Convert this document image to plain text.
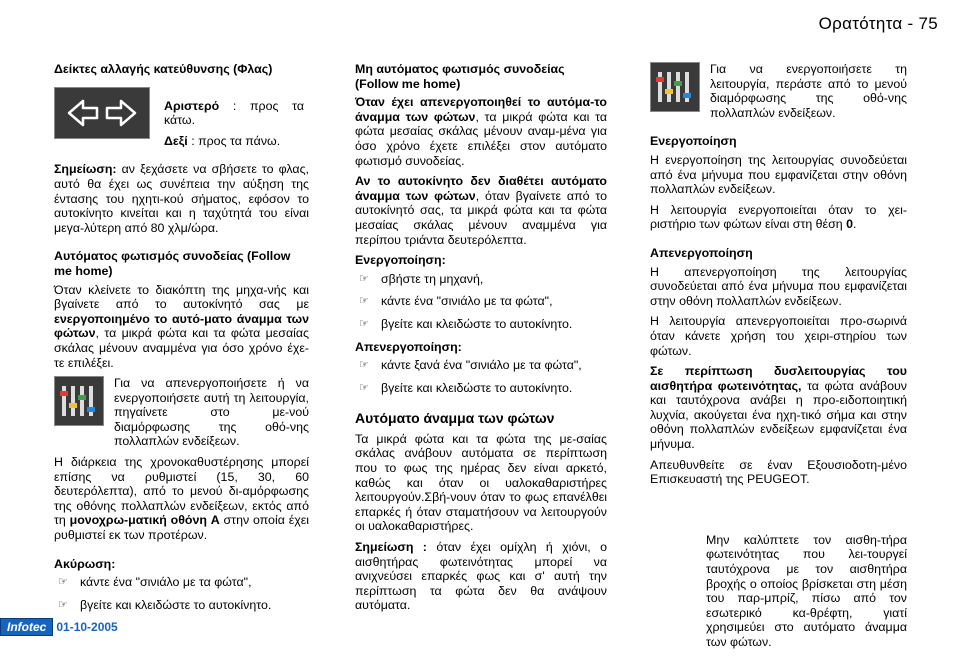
Ορατότητα - 75
Δείκτες αλλαγής κατεύθυνσης (Φλας)

Αριστερό : προς τα κάτω.

Δεξί : προς τα πάνω.

Σημείωση: αν ξεχάσετε να σβήσετε το φλας, αυτό θα έχει ως συνέπεια την αύξηση της έντασης του ηχητι-κού σήματος, εφόσον το αυτοκίνητο κινείται και η ταχύτητά του είναι μεγα-λύτερη από 80 χλμ/ώρα.

Αυτόματος φωτισμός συνοδείας (Follow me home)

Όταν κλείνετε το διακόπτη της μηχα-νής και βγαίνετε από το αυτοκίνητό σας με ενεργοποιημένο το αυτό-ματο άναμμα των φώτων, τα μικρά φώτα και τα φώτα μεσαίας σκάλας μένουν αναμμένα για όσο χρόνο έχε-τε επιλέξει.

Για να απενεργοποιήσετε ή να ενεργοποιήσετε αυτή τη λειτουργία, πηγαίνετε στο με-νού διαμόρφωσης της οθό-νης πολλαπλών ενδείξεων.

Η διάρκεια της χρονοκαθυστέρησης μπορεί επίσης να ρυθμιστεί (15, 30, 60 δευτερόλεπτα), από το μενού δι-αμόρφωσης της οθόνης πολλαπλών ενδείξεων, εκτός από τη μονοχρω-ματική οθόνη A στην οποία έχει ρυθμιστεί εκ των προτέρων.

Ακύρωση:
☞ κάντε ένα "σινιάλο με τα φώτα",
☞ βγείτε και κλειδώστε το αυτοκίνητο.
Μη αυτόματος φωτισμός συνοδείας (Follow me home)

Όταν έχει απενεργοποιηθεί το αυτόμα-το άναμμα των φώτων, τα μικρά φώτα και τα φώτα μεσαίας σκάλας μένουν αναμ-μένα για όσο χρόνο έχετε επιλέξει στον αυτόματο φωτισμό συνοδείας.

Αν το αυτοκίνητο δεν διαθέτει αυτόματο άναμμα των φώτων, όταν βγαίνετε από το αυτοκίνητό σας, τα μικρά φώτα και τα φώτα μεσαίας σκάλας μένουν αναμμένα για περίπου τριάντα δευτερόλεπτα.

Ενεργοποίηση:
☞ σβήστε τη μηχανή,
☞ κάντε ένα "σινιάλο με τα φώτα",
☞ βγείτε και κλειδώστε το αυτοκίνητο.
Απενεργοποίηση:
☞ κάντε ξανά ένα "σινιάλο με τα φώτα",
☞ βγείτε και κλειδώστε το αυτοκίνητο.
Αυτόματο άναμμα των φώτων

Τα μικρά φώτα και τα φώτα της με-σαίας σκάλας ανάβουν αυτόματα σε περίπτωση που το φως της ημέρας δεν είναι αρκετό, καθώς και όταν οι υαλοκαθαριστήρες λειτουργούν.Σβή-νουν όταν το φως επανέλθει επαρκές ή όταν σταματήσουν να λειτουργούν οι υαλοκαθαριστήρες.

Σημείωση : όταν έχει ομίχλη ή χιόνι, ο αισθητήρας φωτεινότητας μπορεί να ανιχνεύσει επαρκές φως και σ' αυτή την περίπτωση τα φώτα δεν θα ανάψουν αυτόματα.

Για να ενεργοποιήσετε τη λειτουργία, περάστε από το μενού διαμόρφωσης της οθό-νης πολλαπλών ενδείξεων.

Ενεργοποίηση

Η ενεργοποίηση της λειτουργίας συνοδεύεται από ένα μήνυμα που εμφανίζεται στην οθόνη πολλαπλών ενδείξεων.

Η λειτουργία ενεργοποιείται όταν το χει-ριστήριο των φώτων είναι στη θέση 0.

Απενεργοποίηση

Η απενεργοποίηση της λειτουργίας συνοδεύεται από ένα μήνυμα που εμφανίζεται στην οθόνη πολλαπλών ενδείξεων.

Η λειτουργία απενεργοποιείται προ-σωρινά όταν κάνετε χρήση του χειρι-στηρίου των φώτων.

Σε περίπτωση δυσλειτουργίας του αισθητήρα φωτεινότητας, τα φώτα ανάβουν και ταυτόχρονα ανάβει η προ-ειδοποιητική λυχνία, ακούγεται ένα ηχη-τικό σήμα και στην οθόνη πολλαπλών ενδείξεων εμφανίζεται ένα μήνυμα.

Απευθυνθείτε σε έναν Εξουσιοδοτη-μένο Επισκευαστή της PEUGEOT.

Μην καλύπτετε τον αισθη-τήρα φωτεινότητας που λει-τουργεί ταυτόχρονα με τον αισθητήρα βροχής ο οποίος βρίσκεται στη μέση του παρ-μπρίζ, πίσω από τον εσωτερικό κα-θρέφτη, γιατί χρησιμεύει στο αυτόματο άναμμα των φώτων.

Infotec 01-10-2005
